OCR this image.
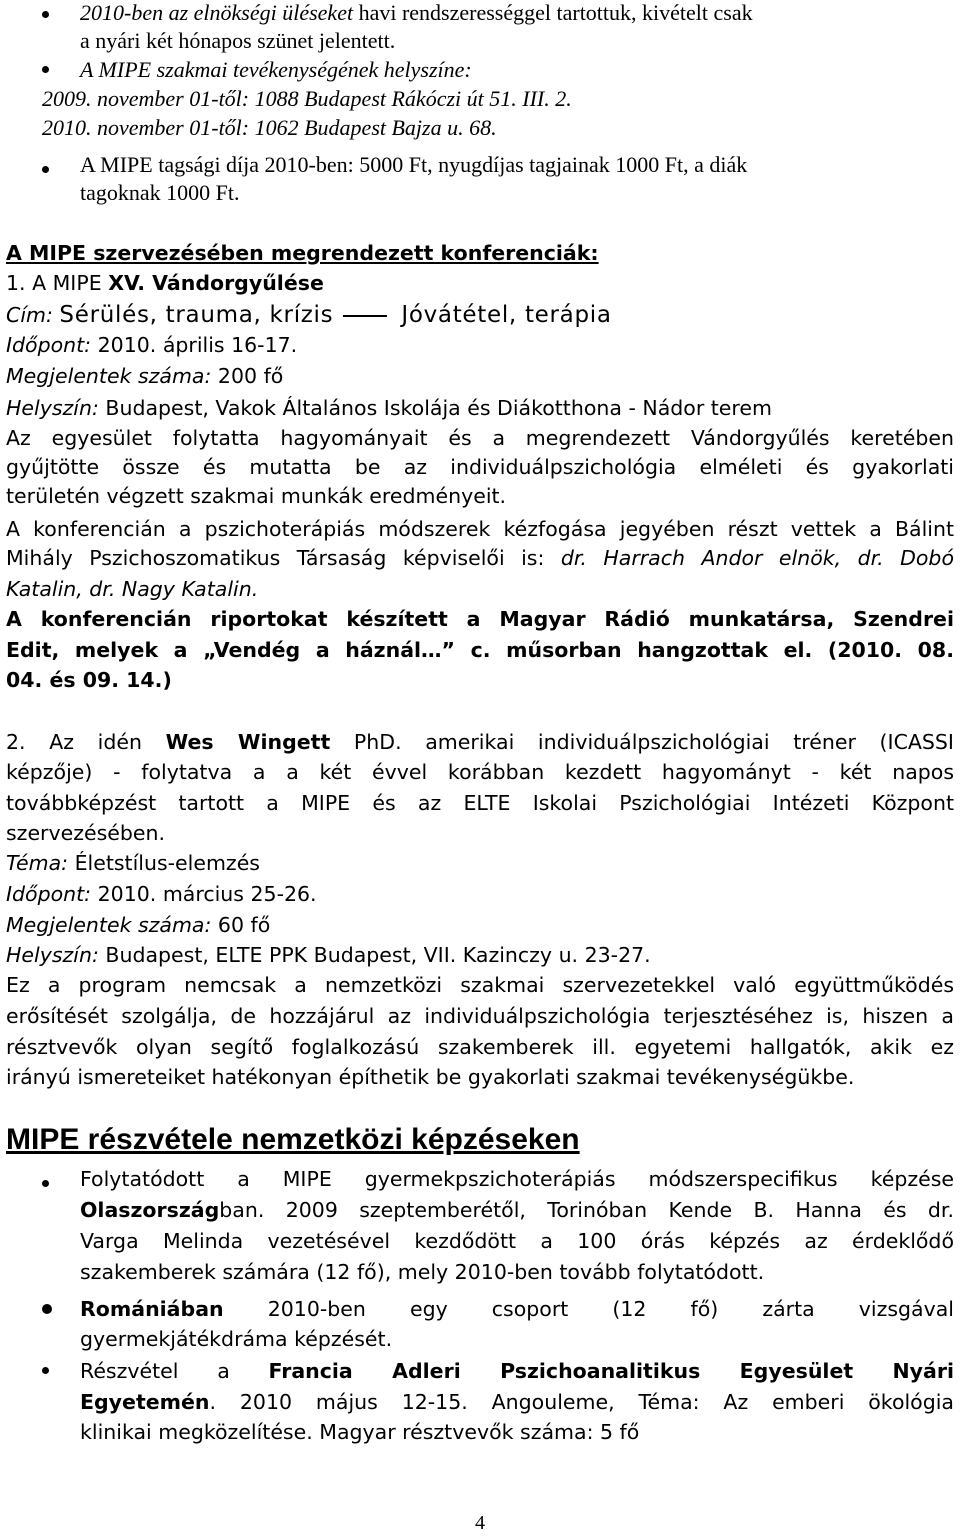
2010-ben az elnökségi üléseket havi rendszerességgel tartottuk, kivételt csak
a nyári két hónapos szünet jelentett.
A MIPE szakmai tevékenységének helyszíne:
2009. november 01-től: 1088 Budapest Rákóczi út 51. III. 2.
2010. november 01-től: 1062 Budapest Bajza u. 68.
A MIPE tagsági díja 2010-ben: 5000 Ft, nyugdíjas tagjainak 1000 Ft, a diák
tagoknak 1000 Ft.
A MIPE szervezésében megrendezett konferenciák:
1. A MIPE XV. Vándorgyűlése
Cím: Sérülés, trauma, krízis	Jóvátétel, terápia
Időpont: 2010. április 16-17.
Megjelentek száma: 200 fő
Helyszín: Budapest, Vakok Általános Iskolája és Diákotthona - Nádor terem
Az egyesület folytatta hagyományait és a megrendezett Vándorgyűlés keretében
gyűjtötte össze és mutatta be az individuálpszichológia elméleti és gyakorlati
területén végzett szakmai munkák eredményeit.
A konferencián a pszichoterápiás módszerek kézfogása jegyében részt vettek a Bálint
Mihály Pszichoszomatikus Társaság képviselői is: dr. Harrach Andor elnök, dr. Dobó
Katalin, dr. Nagy Katalin.
A konferencián riportokat készített a Magyar Rádió munkatársa, Szendrei
Edit, melyek a „Vendég a háznál…” c. műsorban hangzottak el. (2010. 08.
04. és 09. 14.)
2. Az idén Wes Wingett PhD. amerikai individuálpszichológiai tréner (ICASSI
képzője) - folytatva a a két évvel korábban kezdett hagyományt - két napos
továbbképzést tartott a MIPE és az ELTE Iskolai Pszichológiai Intézeti Központ
szervezésében.
Téma: Életstílus-elemzés
Időpont: 2010. március 25-26.
Megjelentek száma: 60 fő
Helyszín: Budapest, ELTE PPK Budapest, VII. Kazinczy u. 23-27.
Ez a program nemcsak a nemzetközi szakmai szervezetekkel való együttműködés
erősítését szolgálja, de hozzájárul az individuálpszichológia terjesztéséhez is, hiszen a
résztvevők olyan segítő foglalkozású szakemberek ill. egyetemi hallgatók, akik ez
irányú ismereteiket hatékonyan építhetik be gyakorlati szakmai tevékenységükbe.
MIPE részvétele nemzetközi képzéseken
Folytatódott a MIPE gyermekpszichoterápiás módszerspecifikus képzése
Olaszországban. 2009 szeptemberétől, Torinóban Kende B. Hanna és dr.
Varga Melinda vezetésével kezdődött a 100 órás képzés az érdeklődő
szakemberek számára (12 fő), mely 2010-ben tovább folytatódott.
Romániában 2010-ben egy csoport (12 fő) zárta vizsgával
gyermekjátékdráma képzését.
Részvétel a Francia Adleri Pszichoanalitikus Egyesület Nyári
Egyetemén. 2010 május 12-15. Angouleme, Téma: Az emberi ökológia
klinikai megközelítése. Magyar résztvevők száma: 5 fő
4
